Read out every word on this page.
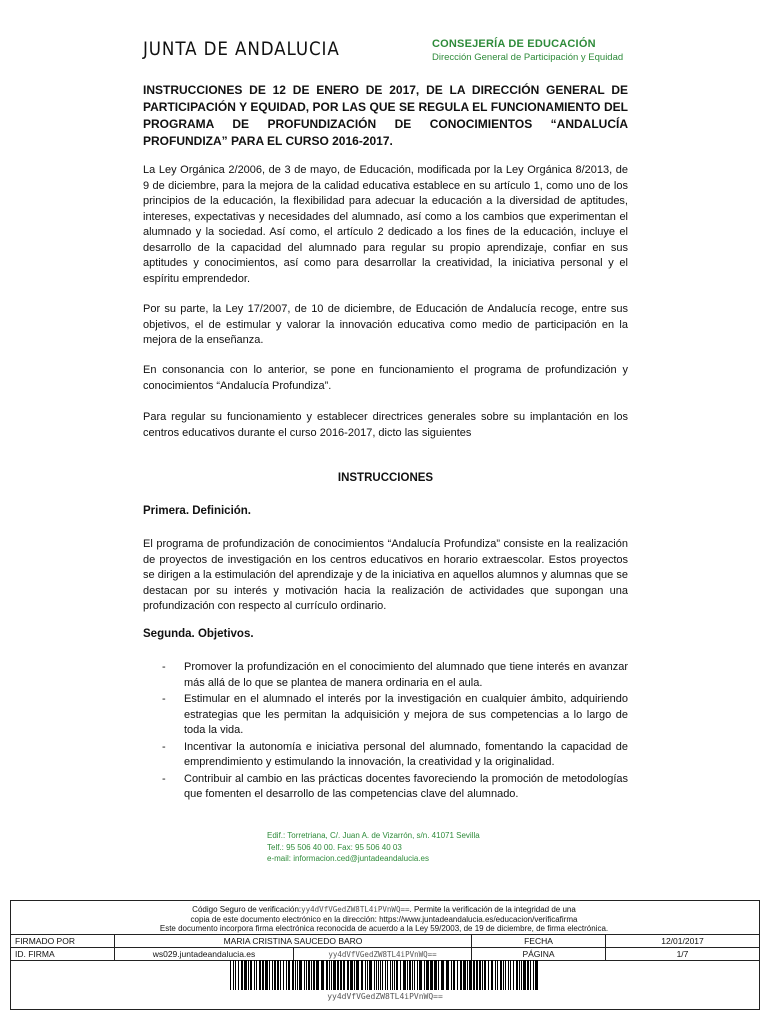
JUNTA DE ANDALUCIA	CONSEJERÍA DE EDUCACIÓN
Dirección General de Participación y Equidad
INSTRUCCIONES DE 12 DE ENERO DE 2017, DE LA DIRECCIÓN GENERAL DE PARTICIPACIÓN Y EQUIDAD, POR LAS QUE SE REGULA EL FUNCIONAMIENTO DEL PROGRAMA DE PROFUNDIZACIÓN DE CONOCIMIENTOS “ANDALUCÍA PROFUNDIZA” PARA EL CURSO 2016-2017.
La Ley Orgánica 2/2006, de 3 de mayo, de Educación, modificada por la Ley Orgánica 8/2013, de 9 de diciembre, para la mejora de la calidad educativa establece en su artículo 1, como uno de los principios de la educación, la flexibilidad para adecuar la educación a la diversidad de aptitudes, intereses, expectativas y necesidades del alumnado, así como a los cambios que experimentan el alumnado y la sociedad. Así como, el artículo 2 dedicado a los fines de la educación, incluye el desarrollo de la capacidad del alumnado para regular su propio aprendizaje, confiar en sus aptitudes y conocimientos, así como para desarrollar la creatividad, la iniciativa personal y el espíritu emprendedor.
Por su parte, la Ley 17/2007, de 10 de diciembre, de Educación de Andalucía recoge, entre sus objetivos, el de estimular y valorar la innovación educativa como medio de participación en la mejora de la enseñanza.
En consonancia con lo anterior, se pone en funcionamiento el programa de profundización y conocimientos “Andalucía Profundiza”.
Para regular su funcionamiento y establecer directrices generales sobre su implantación en los centros educativos durante el curso 2016-2017, dicto las siguientes
INSTRUCCIONES
Primera. Definición.
El programa de profundización de conocimientos “Andalucía Profundiza” consiste en la realización de proyectos de investigación en los centros educativos en horario extraescolar. Estos proyectos se dirigen a la estimulación del aprendizaje y de la iniciativa en aquellos alumnos y alumnas que se destacan por su interés y motivación hacia la realización de actividades que supongan una profundización con respecto al currículo ordinario.
Segunda. Objetivos.
- Promover la profundización en el conocimiento del alumnado que tiene interés en avanzar más allá de lo que se plantea de manera ordinaria en el aula.
- Estimular en el alumnado el interés por la investigación en cualquier ámbito, adquiriendo estrategias que les permitan la adquisición y mejora de sus competencias a lo largo de toda la vida.
- Incentivar la autonomía e iniciativa personal del alumnado, fomentando la capacidad de emprendimiento y estimulando la innovación, la creatividad y la originalidad.
- Contribuir al cambio en las prácticas docentes favoreciendo la promoción de metodologías que fomenten el desarrollo de las competencias clave del alumnado.
Edif.: Torretriana, C/. Juan A. de Vizarrón, s/n. 41071 Sevilla
Telf.: 95 506 40 00. Fax: 95 506 40 03
e-mail: informacion.ced@juntadeandalucia.es
Código Seguro de verificación:yy4dVfVGedZW8TL4iPVnWQ==. Permite la verificación de la integridad de una
copia de este documento electrónico en la dirección: https://www.juntadeandalucia.es/educacion/verificafirma
Este documento incorpora firma electrónica reconocida de acuerdo a la Ley 59/2003, de 19 de diciembre, de firma electrónica.
FIRMADO POR	MARIA CRISTINA SAUCEDO BARO		FECHA	12/01/2017
ID. FIRMA	ws029.juntadeandalucia.es	yy4dVfVGedZW8TL4iPVnWQ==	PÁGINA	1/7
yy4dVfVGedZW8TL4iPVnWQ==
